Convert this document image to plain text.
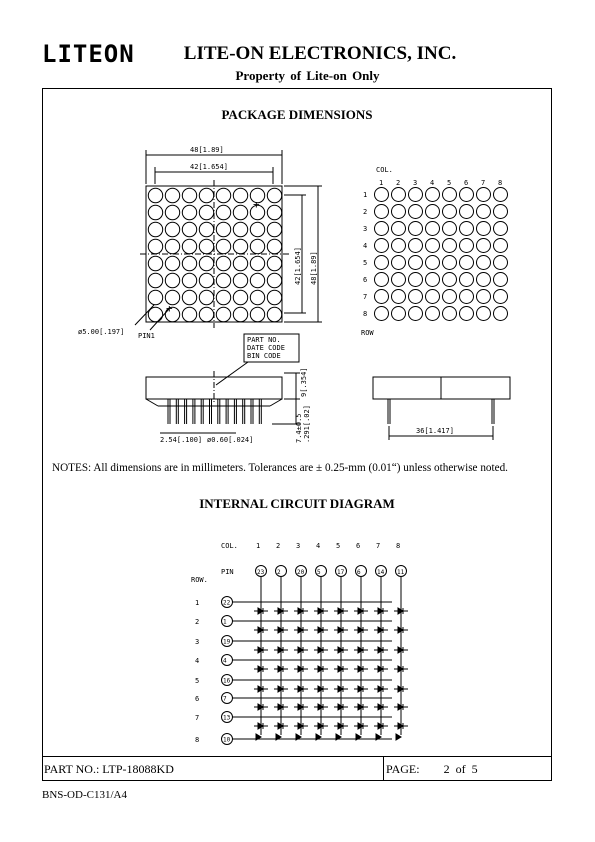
LITEON	LITE-ON ELECTRONICS, INC.
Property of Lite-on Only
PACKAGE DIMENSIONS
48[1.89]
42[1.654]
42[1.654] 48[1.89]
+
+
ø5.00[.197] PIN1
COL.
1 2 3 4 5 6 7 8
1
2
3
4
5
6
7
8
ROW
PART NO.
DATE CODE
BIN CODE
9[.354]
7.4±0.5 .291[.02]
2.54[.100] ø0.60[.024]
36[1.417]
COL.	1 2 3 4 5 6 7 8
PIN
ROW.
23 2	20 5	17 6	14 11
1	22
2	1
3	19
4	4
5	16
6	7
7	13
8	10
NOTES: All dimensions are in millimeters. Tolerances are ± 0.25-mm (0.01“) unless otherwise noted.
INTERNAL CIRCUIT DIAGRAM
PART NO.: LTP-18088KD	PAGE: 2 of 5
BNS-OD-C131/A4
